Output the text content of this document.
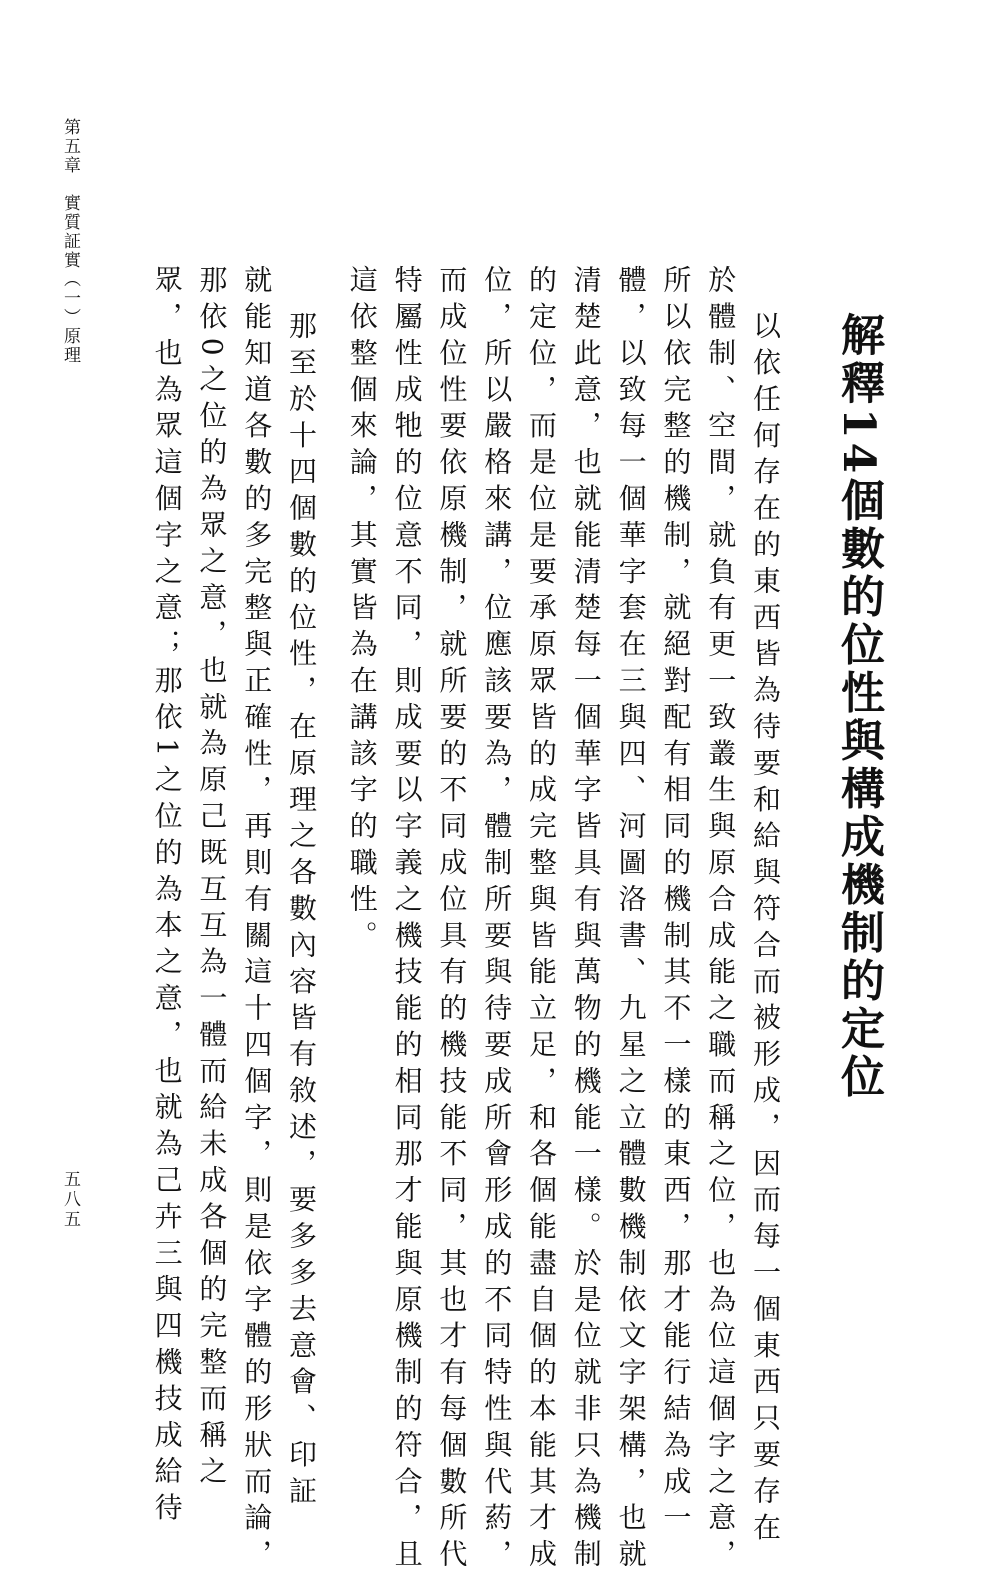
第五章　實質証實（一）原理
解釋14個數的位性與構成機制的定位
以依任何存在的東西皆為待要和給與符合而被形成，因而每一個東西只要存在
於體制、空間，就負有更一致叢生與原合成能之職而稱之位，也為位這個字之意，
所以依完整的機制，就絕對配有相同的機制其不一樣的東西，那才能行結為成一
體，以致每一個華字套在三與四、河圖洛書、九星之立體數機制依文字架構，也就
清楚此意，也就能清楚每一個華字皆具有與萬物的機能一樣。於是位就非只為機制
的定位，而是位是要承原眾皆的成完整與皆能立足，和各個能盡自個的本能其才成
位，所以嚴格來講，位應該要為，體制所要與待要成所會形成的不同特性與代葯，
而成位性要依原機制，就所要的不同成位具有的機技能不同，其也才有每個數所代
特屬性成牠的位意不同，則成要以字義之機技能的相同那才能與原機制的符合，且
這依整個來論，其實皆為在講該字的職性。
那至於十四個數的位性，在原理之各數內容皆有敘述，要多多去意會、印証
就能知道各數的多完整與正確性，再則有關這十四個字，則是依字體的形狀而論，
那依0之位的為眾之意，也就為原己既互互為一體而給未成各個的完整而稱之
眾，也為眾這個字之意；那依1之位的為本之意，也就為己卉三與四機技成給待
五八五
